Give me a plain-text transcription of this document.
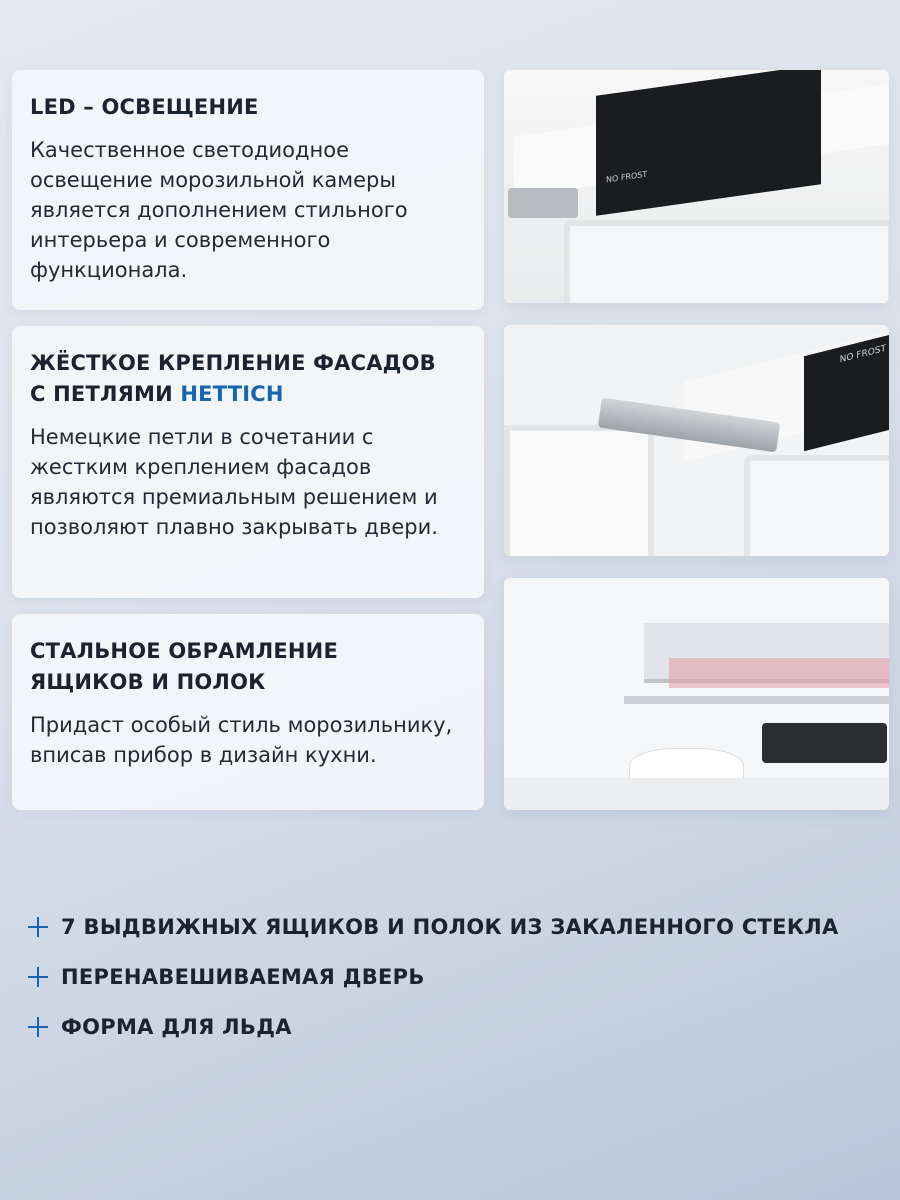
LED – ОСВЕЩЕНИЕ

Качественное светодиодное освещение морозильной камеры является дополнением стильного интерьера и современного функционала.

ЖЁСТКОЕ КРЕПЛЕНИЕ ФАСАДОВ С ПЕТЛЯМИ HETTICH

Немецкие петли в сочетании с жестким креплением фасадов являются премиальным решением и позволяют плавно закрывать двери.

СТАЛЬНОЕ ОБРАМЛЕНИЕ ЯЩИКОВ И ПОЛОК

Придаст особый стиль морозильнику, вписав прибор в дизайн кухни.

NO FROST
NO FROST
7 ВЫДВИЖНЫХ ЯЩИКОВ И ПОЛОК ИЗ ЗАКАЛЕННОГО СТЕКЛА
ПЕРЕНАВЕШИВАЕМАЯ ДВЕРЬ
ФОРМА ДЛЯ ЛЬДА
